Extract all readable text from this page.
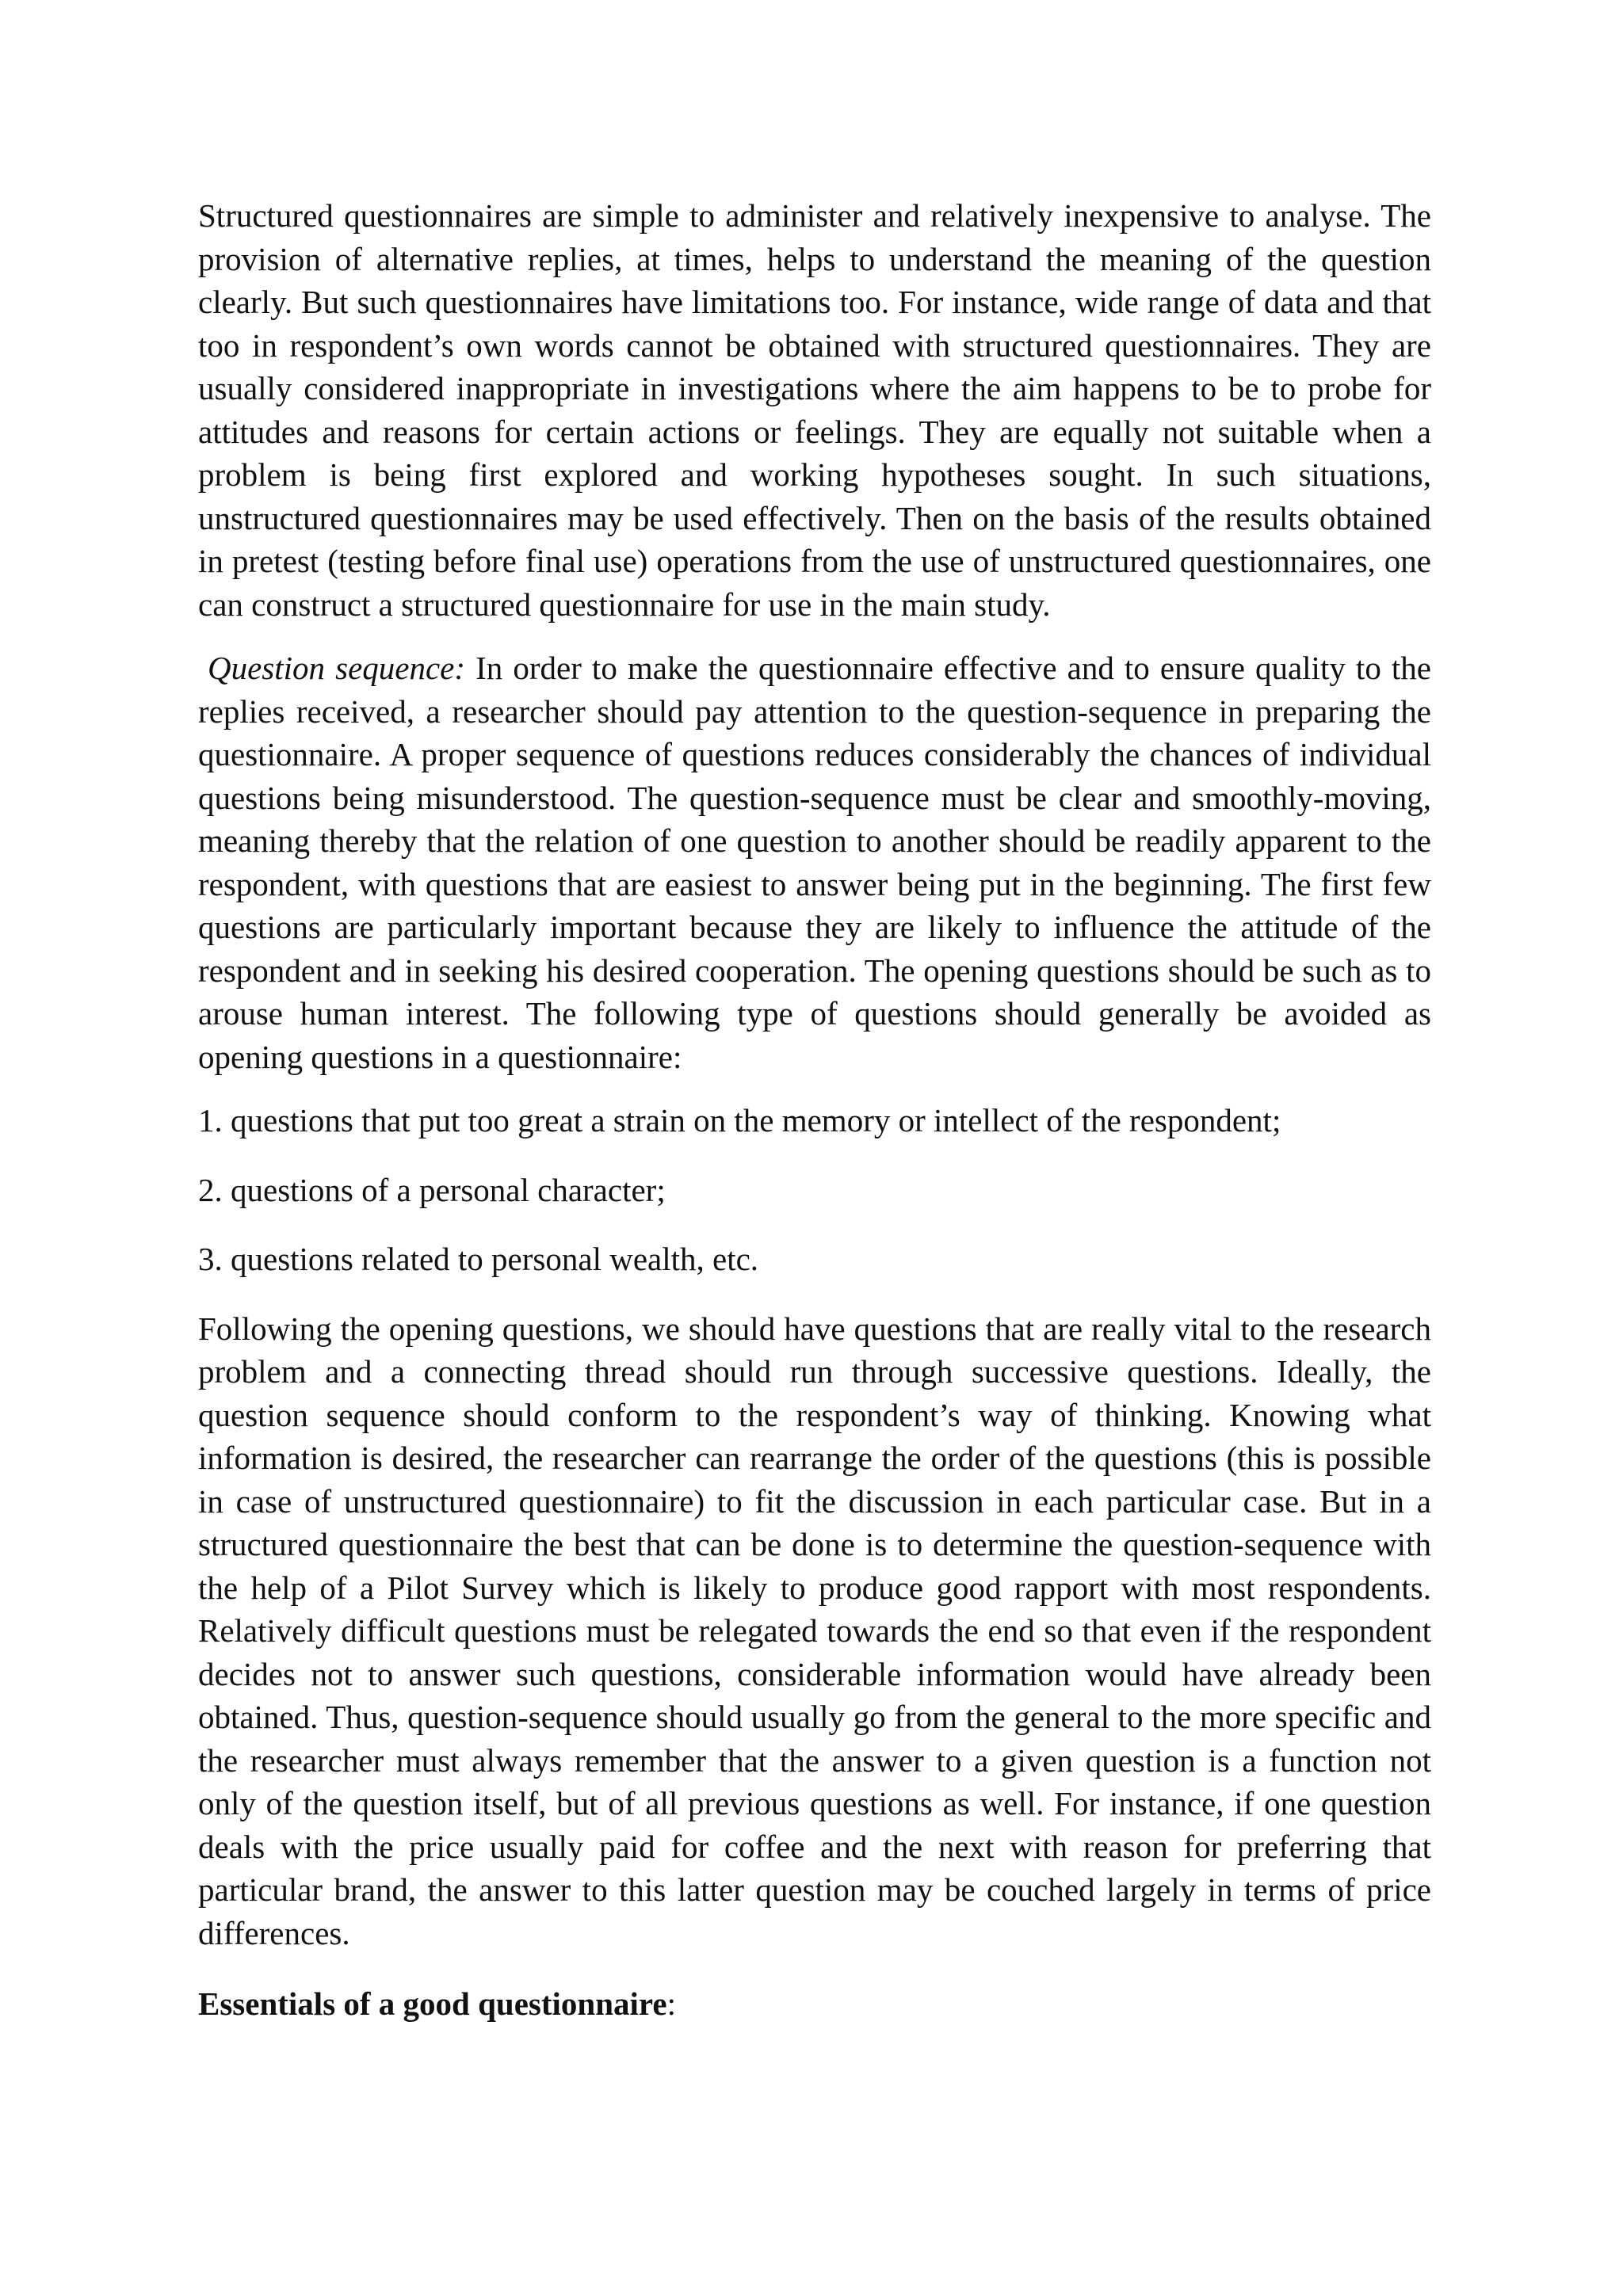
Structured questionnaires are simple to administer and relatively inexpensive to analyse. The provision of alternative replies, at times, helps to understand the meaning of the question clearly. But such questionnaires have limitations too. For instance, wide range of data and that too in respondent’s own words cannot be obtained with structured questionnaires. They are usually considered inappropriate in investigations where the aim happens to be to probe for attitudes and reasons for certain actions or feelings. They are equally not suitable when a problem is being first explored and working hypotheses sought. In such situations, unstructured questionnaires may be used effectively. Then on the basis of the results obtained in pretest (testing before final use) operations from the use of unstructured questionnaires, one can construct a structured questionnaire for use in the main study.

Question sequence: In order to make the questionnaire effective and to ensure quality to the replies received, a researcher should pay attention to the question-sequence in preparing the questionnaire. A proper sequence of questions reduces considerably the chances of individual questions being misunderstood. The question-sequence must be clear and smoothly-moving, meaning thereby that the relation of one question to another should be readily apparent to the respondent, with questions that are easiest to answer being put in the beginning. The first few questions are particularly important because they are likely to influence the attitude of the respondent and in seeking his desired cooperation. The opening questions should be such as to arouse human interest. The following type of questions should generally be avoided as opening questions in a questionnaire:

1. questions that put too great a strain on the memory or intellect of the respondent;

2. questions of a personal character;

3. questions related to personal wealth, etc.

Following the opening questions, we should have questions that are really vital to the research problem and a connecting thread should run through successive questions. Ideally, the question sequence should conform to the respondent’s way of thinking. Knowing what information is desired, the researcher can rearrange the order of the questions (this is possible in case of unstructured questionnaire) to fit the discussion in each particular case. But in a structured questionnaire the best that can be done is to determine the question-sequence with the help of a Pilot Survey which is likely to produce good rapport with most respondents. Relatively difficult questions must be relegated towards the end so that even if the respondent decides not to answer such questions, considerable information would have already been obtained. Thus, question-sequence should usually go from the general to the more specific and the researcher must always remember that the answer to a given question is a function not only of the question itself, but of all previous questions as well. For instance, if one question deals with the price usually paid for coffee and the next with reason for preferring that particular brand, the answer to this latter question may be couched largely in terms of price differences.

Essentials of a good questionnaire:
